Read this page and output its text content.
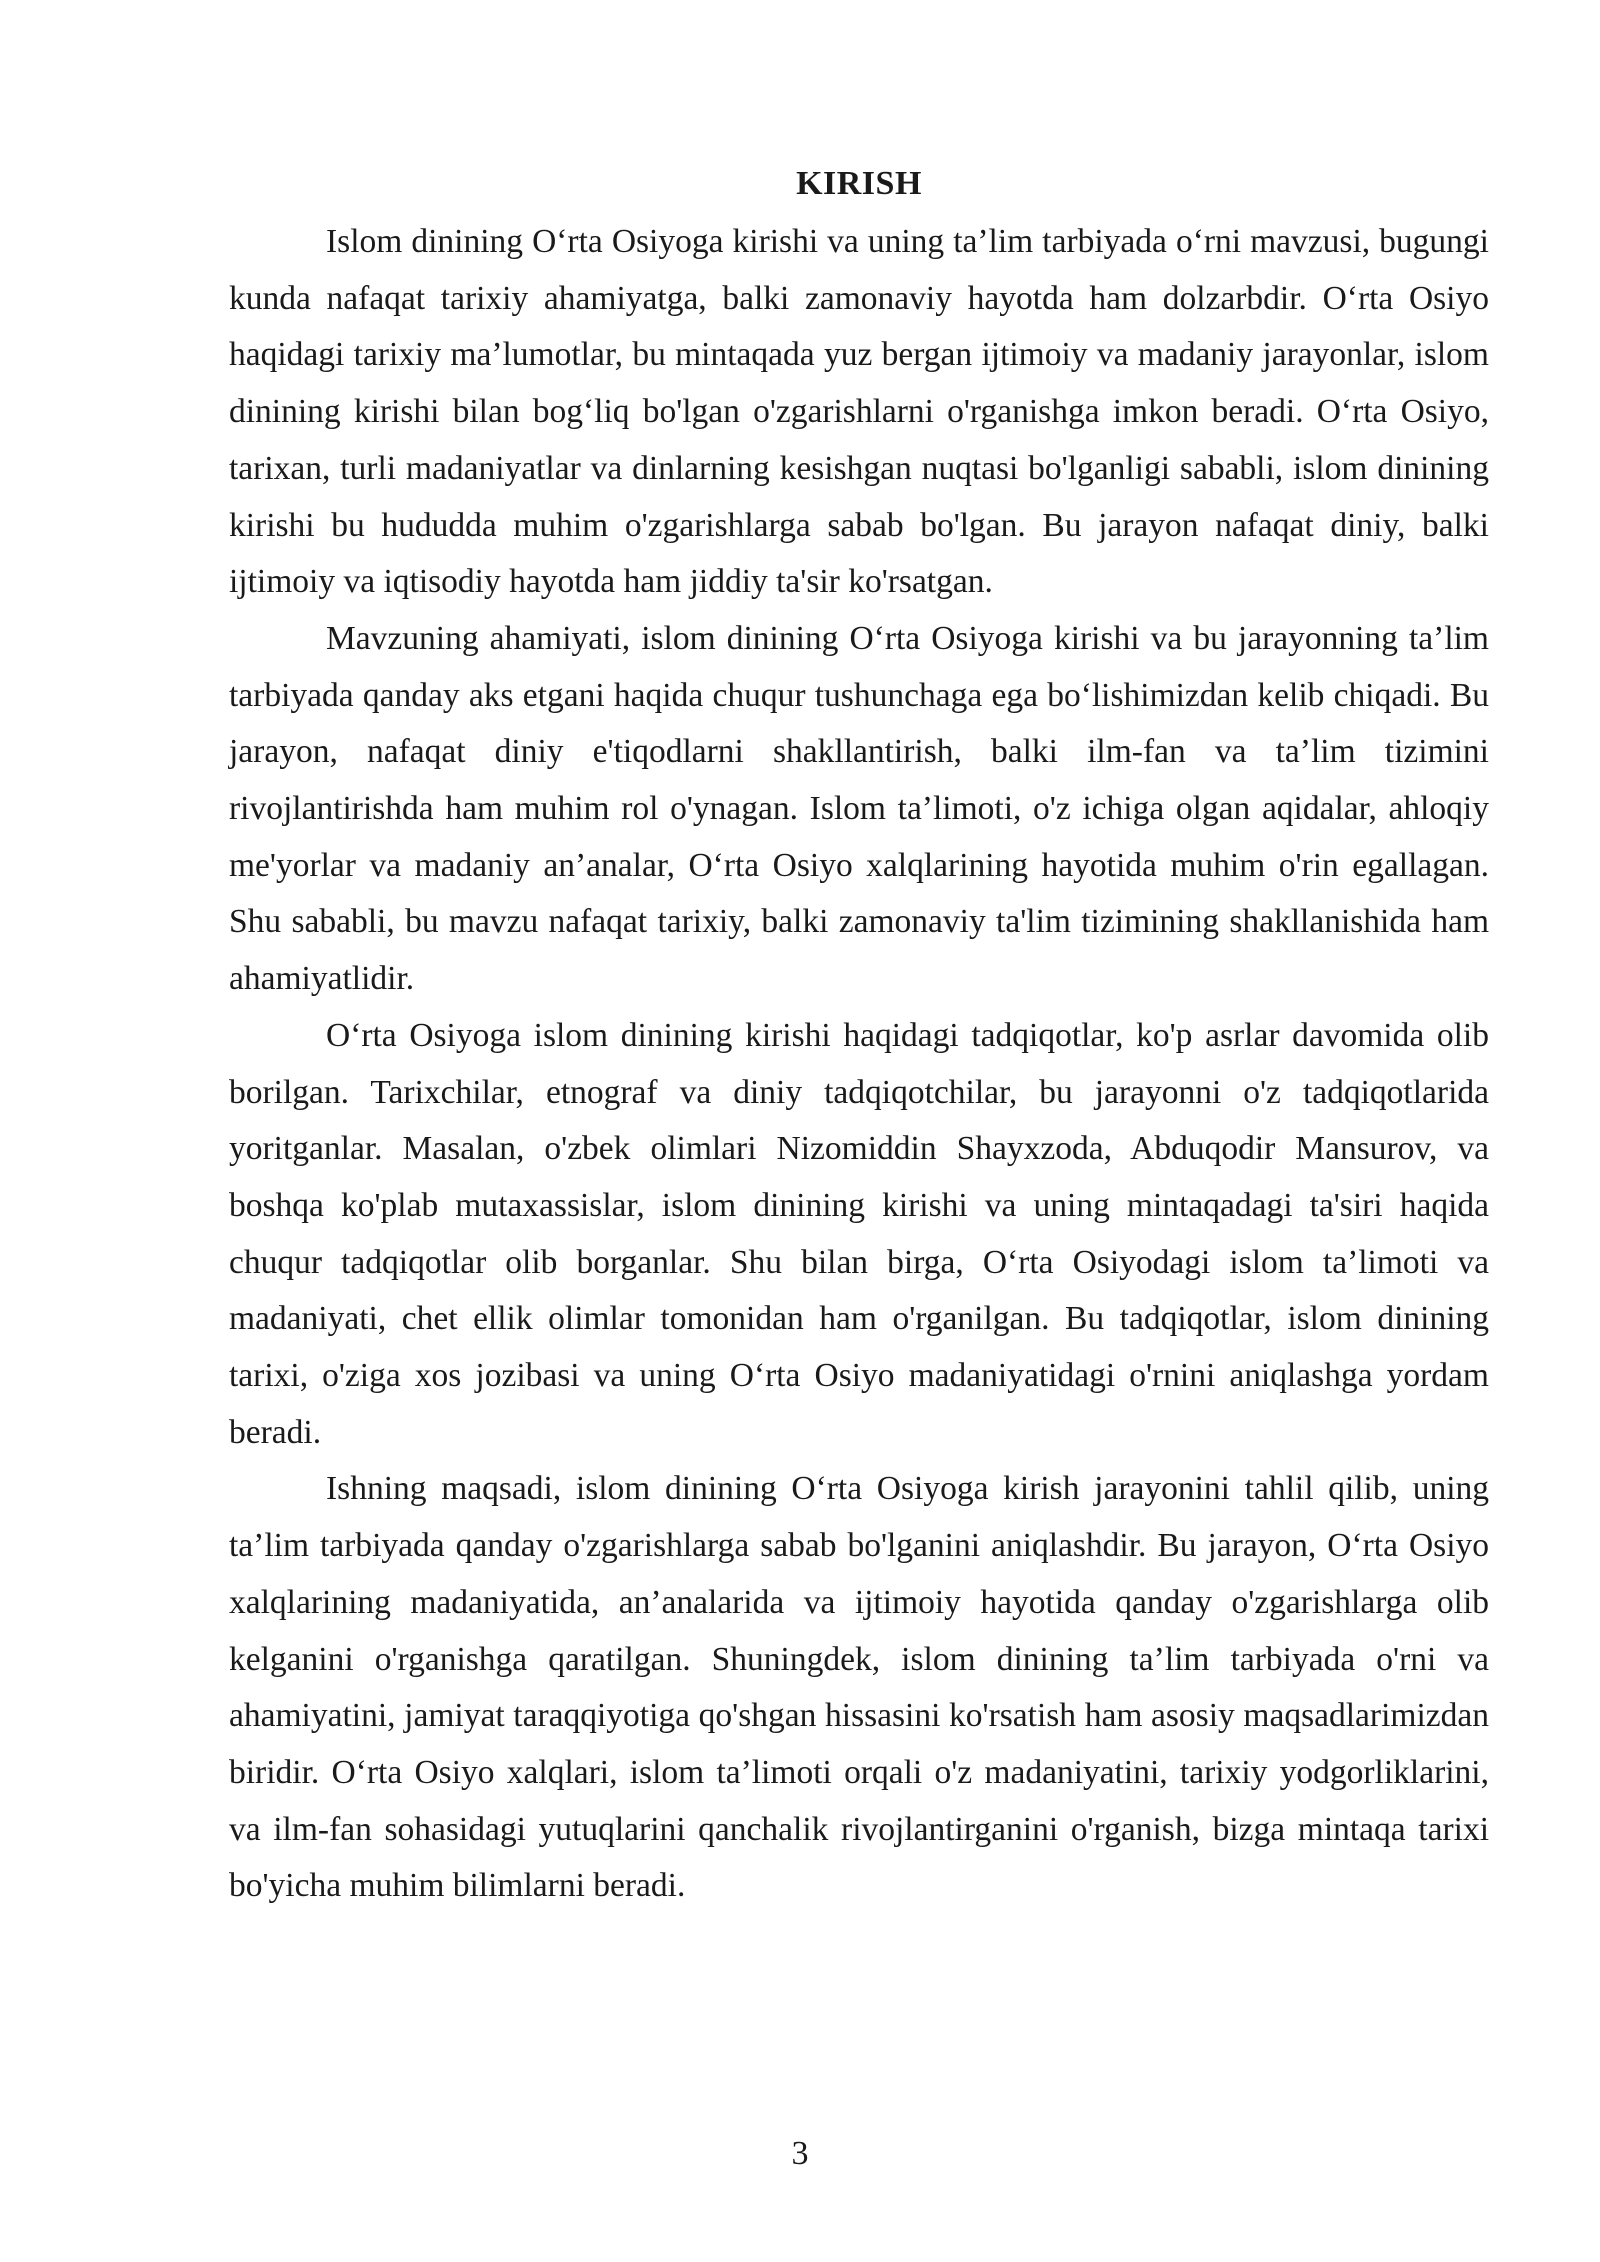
KIRISH

Islom dinining O‘rta Osiyoga kirishi va uning ta’lim tarbiyada o‘rni mavzusi, bugungi kunda nafaqat tarixiy ahamiyatga, balki zamonaviy hayotda ham dolzarbdir. O‘rta Osiyo haqidagi tarixiy ma’lumotlar, bu mintaqada yuz bergan ijtimoiy va madaniy jarayonlar, islom dinining kirishi bilan bog‘liq bo'lgan o'zgarishlarni o'rganishga imkon beradi. O‘rta Osiyo, tarixan, turli madaniyatlar va dinlarning kesishgan nuqtasi bo'lganligi sababli, islom dinining kirishi bu hududda muhim o'zgarishlarga sabab bo'lgan. Bu jarayon nafaqat diniy, balki ijtimoiy va iqtisodiy hayotda ham jiddiy ta'sir ko'rsatgan.

Mavzuning ahamiyati, islom dinining O‘rta Osiyoga kirishi va bu jarayonning ta’lim tarbiyada qanday aks etgani haqida chuqur tushunchaga ega bo‘lishimizdan kelib chiqadi. Bu jarayon, nafaqat diniy e'tiqodlarni shakllantirish, balki ilm-fan va ta’lim tizimini rivojlantirishda ham muhim rol o'ynagan. Islom ta’limoti, o'z ichiga olgan aqidalar, ahloqiy me'yorlar va madaniy an’analar, O‘rta Osiyo xalqlarining hayotida muhim o'rin egallagan. Shu sababli, bu mavzu nafaqat tarixiy, balki zamonaviy ta'lim tizimining shakllanishida ham ahamiyatlidir.

O‘rta Osiyoga islom dinining kirishi haqidagi tadqiqotlar, ko'p asrlar davomida olib borilgan. Tarixchilar, etnograf va diniy tadqiqotchilar, bu jarayonni o'z tadqiqotlarida yoritganlar. Masalan, o'zbek olimlari Nizomiddin Shayxzoda, Abduqodir Mansurov, va boshqa ko'plab mutaxassislar, islom dinining kirishi va uning mintaqadagi ta'siri haqida chuqur tadqiqotlar olib borganlar. Shu bilan birga, O‘rta Osiyodagi islom ta’limoti va madaniyati, chet ellik olimlar tomonidan ham o'rganilgan. Bu tadqiqotlar, islom dinining tarixi, o'ziga xos jozibasi va uning O‘rta Osiyo madaniyatidagi o'rnini aniqlashga yordam beradi.

Ishning maqsadi, islom dinining O‘rta Osiyoga kirish jarayonini tahlil qilib, uning ta’lim tarbiyada qanday o'zgarishlarga sabab bo'lganini aniqlashdir. Bu jarayon, O‘rta Osiyo xalqlarining madaniyatida, an’analarida va ijtimoiy hayotida qanday o'zgarishlarga olib kelganini o'rganishga qaratilgan. Shuningdek, islom dinining ta’lim tarbiyada o'rni va ahamiyatini, jamiyat taraqqiyotiga qo'shgan hissasini ko'rsatish ham asosiy maqsadlarimizdan biridir. O‘rta Osiyo xalqlari, islom ta’limoti orqali o'z madaniyatini, tarixiy yodgorliklarini, va ilm-fan sohasidagi yutuqlarini qanchalik rivojlantirganini o'rganish, bizga mintaqa tarixi bo'yicha muhim bilimlarni beradi.

3
